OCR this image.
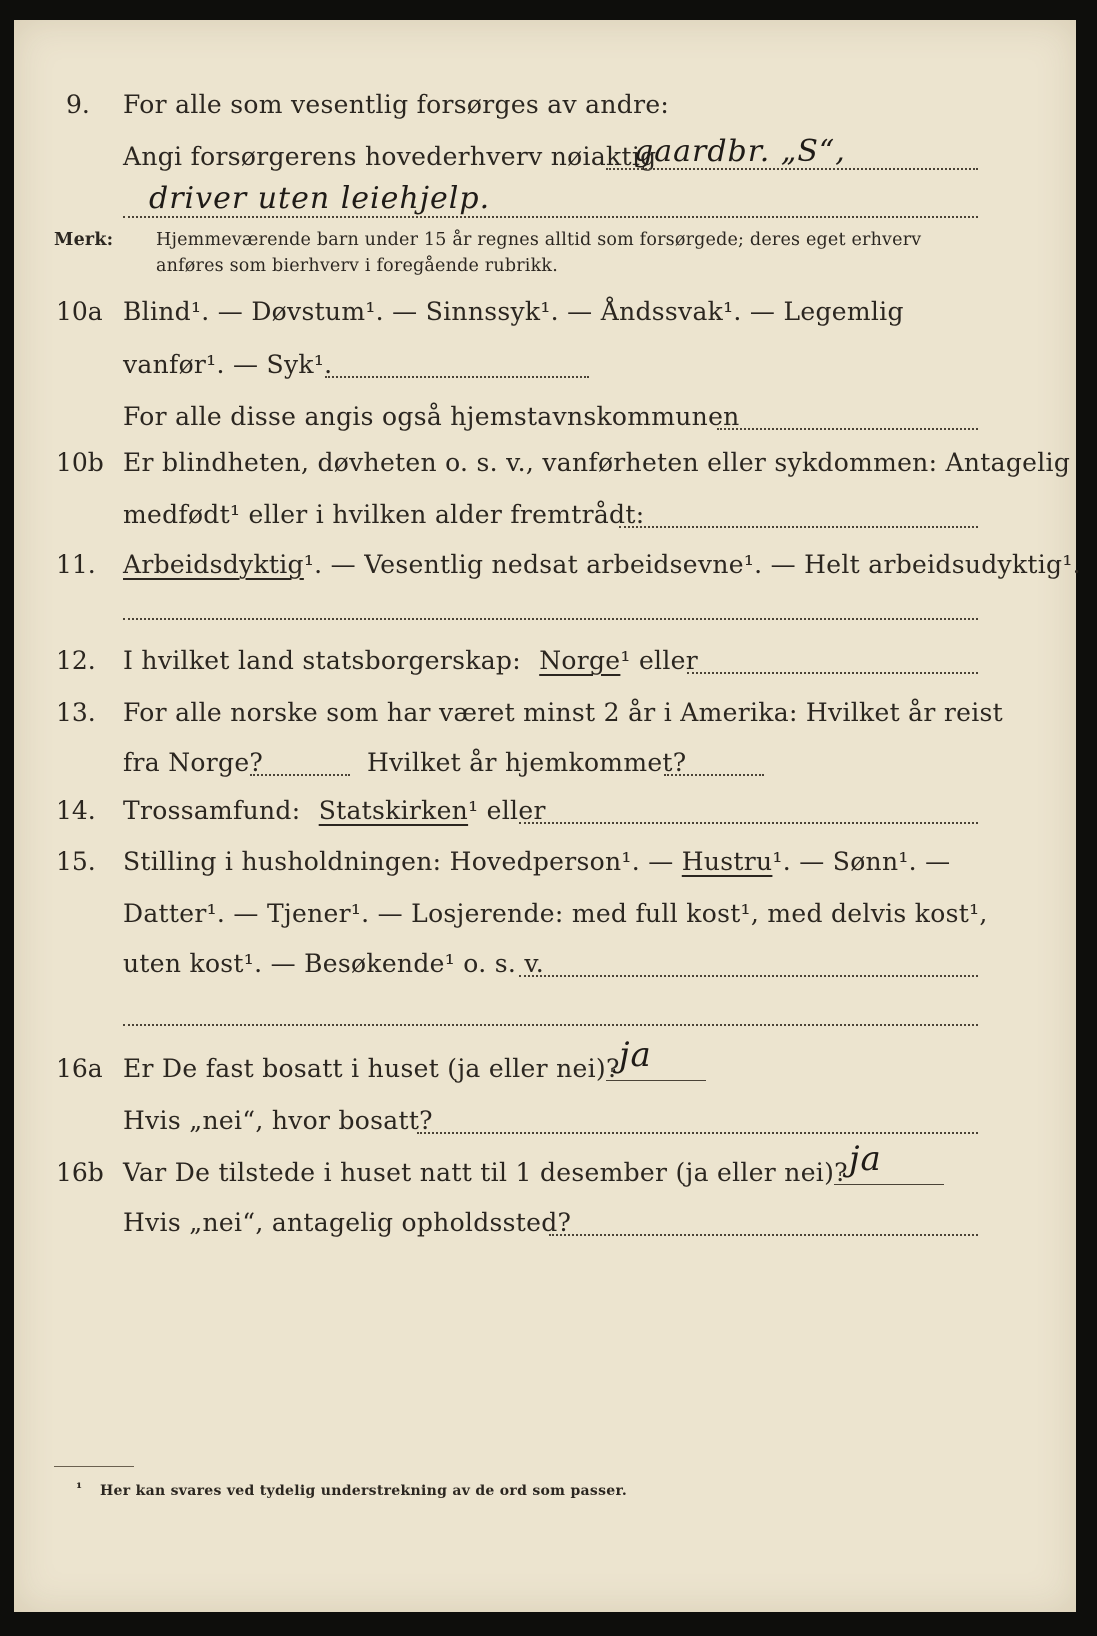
9. For alle som vesentlig forsørges av andre:
Angi forsørgerens hovederhverv nøiaktig
gaardbr. „S“,
driver uten leiehjelp.
Merk: Hjemmeværende barn under 15 år regnes alltid som forsørgede; deres eget erhverv
anføres som bierhverv i foregående rubrikk.
10a Blind¹. — Døvstum¹. — Sinnssyk¹. — Åndssvak¹. — Legemlig
vanfør¹. — Syk¹.
For alle disse angis også hjemstavnskommunen
10b Er blindheten, døvheten o. s. v., vanførheten eller sykdommen: Antagelig
medfødt¹ eller i hvilken alder fremtrådt:
11. Arbeidsdyktig¹. — Vesentlig nedsat arbeidsevne¹. — Helt arbeidsudyktig¹.
12. I hvilket land statsborgerskap: Norge¹ eller
13. For alle norske som har været minst 2 år i Amerika: Hvilket år reist
fra Norge?	Hvilket år hjemkommet?
14. Trossamfund: Statskirken¹ eller
15. Stilling i husholdningen: Hovedperson¹. — Hustru¹. — Sønn¹. —
Datter¹. — Tjener¹. — Losjerende: med full kost¹, med delvis kost¹,
uten kost¹. — Besøkende¹ o. s. v.
16a Er De fast bosatt i huset (ja eller nei)? ja
Hvis „nei“, hvor bosatt?
16b Var De tilstede i huset natt til 1 desember (ja eller nei)? ja
Hvis „nei“, antagelig opholdssted?
¹ Her kan svares ved tydelig understrekning av de ord som passer.
